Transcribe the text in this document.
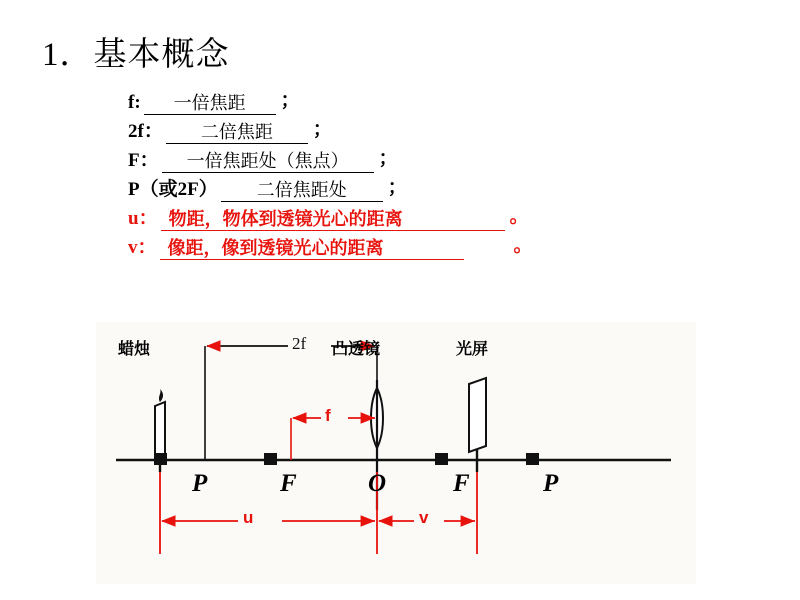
1．基本概念
f:	一倍焦距	；
2f：	二倍焦距	；
F：	一倍焦距处（焦点）	；
P（或2F）	二倍焦距处	；
u： 物距，物体到透镜光心的距离	。
v： 像距，像到透镜光心的距离	。
蜡烛	凸透镜	光屏
2f
f
u	v
P	F	O	F	P
